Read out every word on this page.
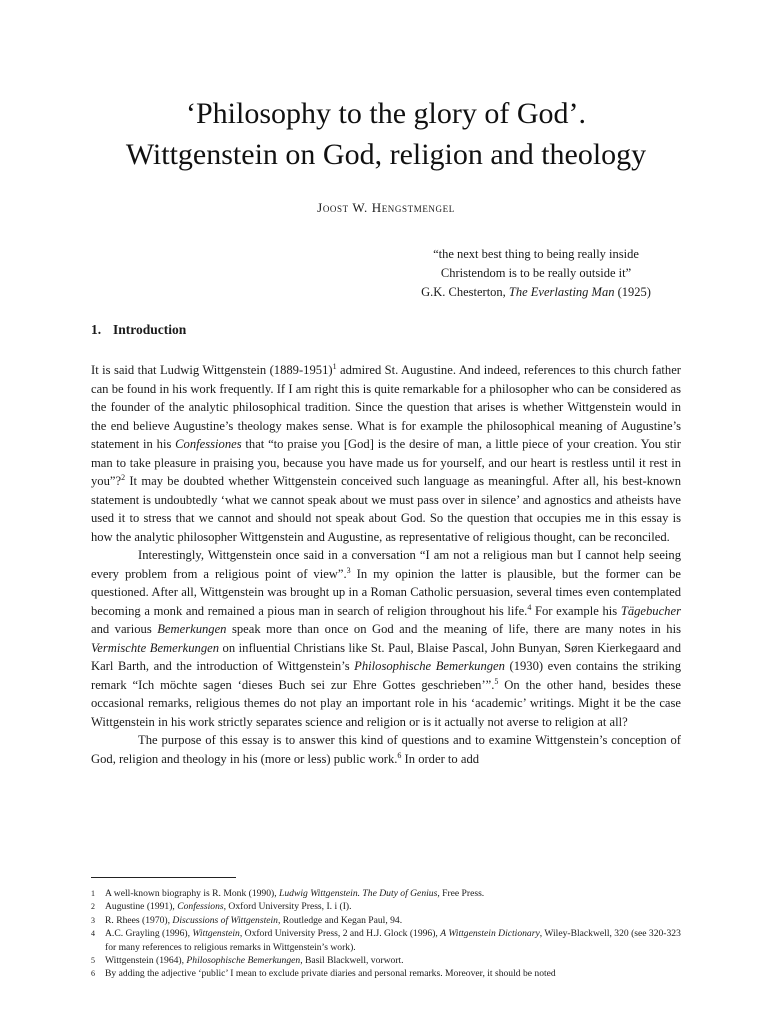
‘Philosophy to the glory of God’.
Wittgenstein on God, religion and theology
Joost W. Hengstmengel
“the next best thing to being really inside
Christendom is to be really outside it”
G.K. Chesterton, The Everlasting Man (1925)
1. Introduction

It is said that Ludwig Wittgenstein (1889-1951)$^1$ admired St. Augustine. And indeed, references to this church father can be found in his work frequently. If I am right this is quite remarkable for a philosopher who can be considered as the founder of the analytic philosophical tradition. Since the question that arises is whether Wittgenstein would in the end believe Augustine’s theology makes sense. What is for example the philosophical meaning of Augustine’s statement in his Confessiones that “to praise you [God] is the desire of man, a little piece of your creation. You stir man to take pleasure in praising you, because you have made us for yourself, and our heart is restless until it rest in you”?$^2$ It may be doubted whether Wittgenstein conceived such language as meaningful. After all, his best-known statement is undoubtedly ‘what we cannot speak about we must pass over in silence’ and agnostics and atheists have used it to stress that we cannot and should not speak about God. So the question that occupies me in this essay is how the analytic philosopher Wittgenstein and Augustine, as representative of religious thought, can be reconciled.

Interestingly, Wittgenstein once said in a conversation “I am not a religious man but I cannot help seeing every problem from a religious point of view”.$^3$ In my opinion the latter is plausible, but the former can be questioned. After all, Wittgenstein was brought up in a Roman Catholic persuasion, several times even contemplated becoming a monk and remained a pious man in search of religion throughout his life.$^4$ For example his Tägebucher and various Bemerkungen speak more than once on God and the meaning of life, there are many notes in his Vermischte Bemerkungen on influential Christians like St. Paul, Blaise Pascal, John Bunyan, Søren Kierkegaard and Karl Barth, and the introduction of Wittgenstein’s Philosophische Bemerkungen (1930) even contains the striking remark “Ich möchte sagen ‘dieses Buch sei zur Ehre Gottes geschrieben’”.$^5$ On the other hand, besides these occasional remarks, religious themes do not play an important role in his ‘academic’ writings. Might it be the case Wittgenstein in his work strictly separates science and religion or is it actually not averse to religion at all?

The purpose of this essay is to answer this kind of questions and to examine Wittgenstein’s conception of God, religion and theology in his (more or less) public work.$^6$ In order to add

1 A well-known biography is R. Monk (1990), Ludwig Wittgenstein. The Duty of Genius, Free Press.
2 Augustine (1991), Confessions, Oxford University Press, I. i (I).
3 R. Rhees (1970), Discussions of Wittgenstein, Routledge and Kegan Paul, 94.
4 A.C. Grayling (1996), Wittgenstein, Oxford University Press, 2 and H.J. Glock (1996), A Wittgenstein Dictionary, Wiley-Blackwell, 320 (see 320-323 for many references to religious remarks in Wittgenstein’s work).
5 Wittgenstein (1964), Philosophische Bemerkungen, Basil Blackwell, vorwort.
6 By adding the adjective ‘public’ I mean to exclude private diaries and personal remarks. Moreover, it should be noted
